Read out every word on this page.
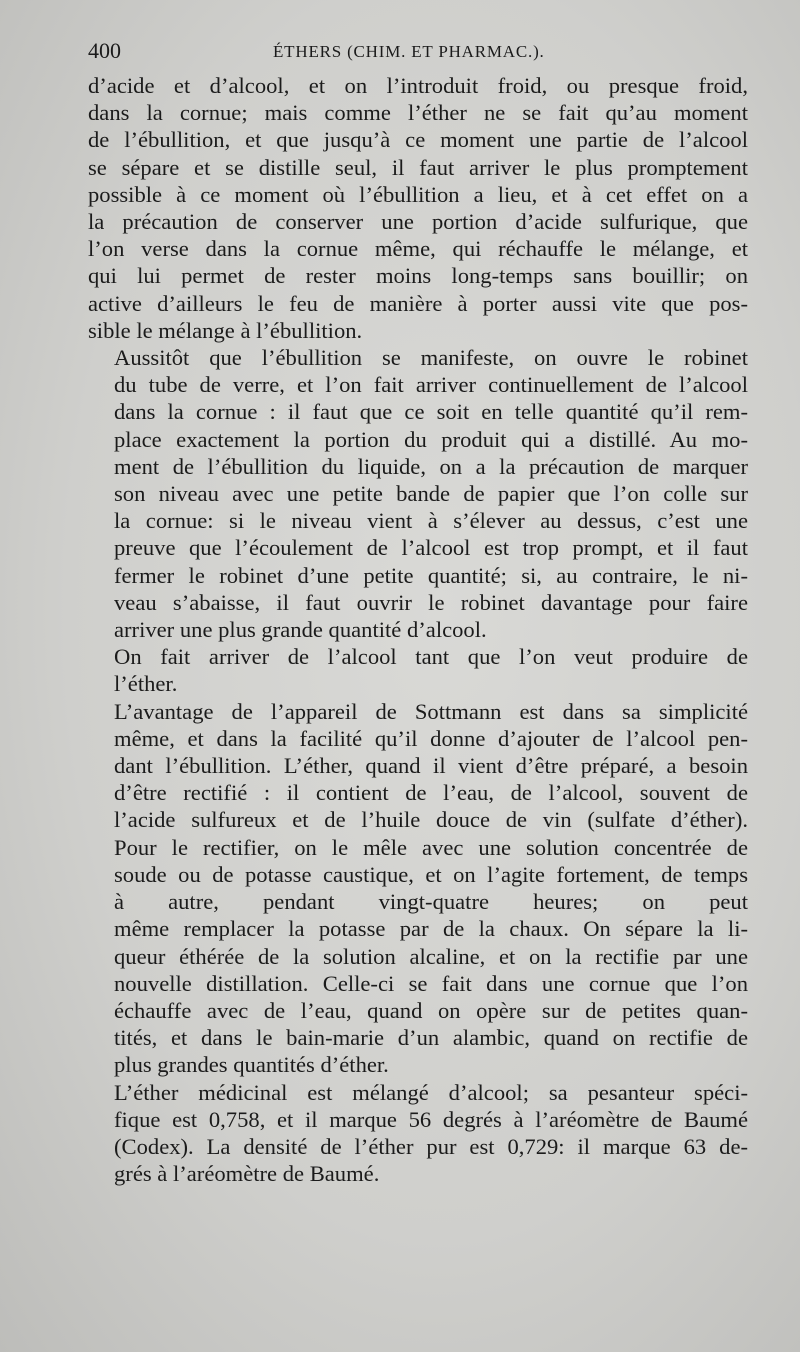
400	ÉTHERS (CHIM. ET PHARMAC.).

d’acide et d’alcool, et on l’introduit froid, ou presque froid,
dans la cornue; mais comme l’éther ne se fait qu’au moment
de l’ébullition, et que jusqu’à ce moment une partie de l’alcool
se sépare et se distille seul, il faut arriver le plus promptement
possible à ce moment où l’ébullition a lieu, et à cet effet on a
la précaution de conserver une portion d’acide sulfurique, que
l’on verse dans la cornue même, qui réchauffe le mélange, et
qui lui permet de rester moins long-temps sans bouillir; on
active d’ailleurs le feu de manière à porter aussi vite que pos-
sible le mélange à l’ébullition.

Aussitôt que l’ébullition se manifeste, on ouvre le robinet
du tube de verre, et l’on fait arriver continuellement de l’alcool
dans la cornue : il faut que ce soit en telle quantité qu’il rem-
place exactement la portion du produit qui a distillé. Au mo-
ment de l’ébullition du liquide, on a la précaution de marquer
son niveau avec une petite bande de papier que l’on colle sur
la cornue: si le niveau vient à s’élever au dessus, c’est une
preuve que l’écoulement de l’alcool est trop prompt, et il faut
fermer le robinet d’une petite quantité; si, au contraire, le ni-
veau s’abaisse, il faut ouvrir le robinet davantage pour faire
arriver une plus grande quantité d’alcool.

On fait arriver de l’alcool tant que l’on veut produire de
l’éther.

L’avantage de l’appareil de Sottmann est dans sa simplicité
même, et dans la facilité qu’il donne d’ajouter de l’alcool pen-
dant l’ébullition. L’éther, quand il vient d’être préparé, a besoin
d’être rectifié : il contient de l’eau, de l’alcool, souvent de
l’acide sulfureux et de l’huile douce de vin (sulfate d’éther).
Pour le rectifier, on le mêle avec une solution concentrée de
soude ou de potasse caustique, et on l’agite fortement, de temps
à autre, pendant vingt-quatre heures; on peut
même remplacer la potasse par de la chaux. On sépare la li-
queur éthérée de la solution alcaline, et on la rectifie par une
nouvelle distillation. Celle-ci se fait dans une cornue que l’on
échauffe avec de l’eau, quand on opère sur de petites quan-
tités, et dans le bain-marie d’un alambic, quand on rectifie de
plus grandes quantités d’éther.

L’éther médicinal est mélangé d’alcool; sa pesanteur spéci-
fique est 0,758, et il marque 56 degrés à l’aréomètre de Baumé
(Codex). La densité de l’éther pur est 0,729: il marque 63 de-
grés à l’aréomètre de Baumé.
